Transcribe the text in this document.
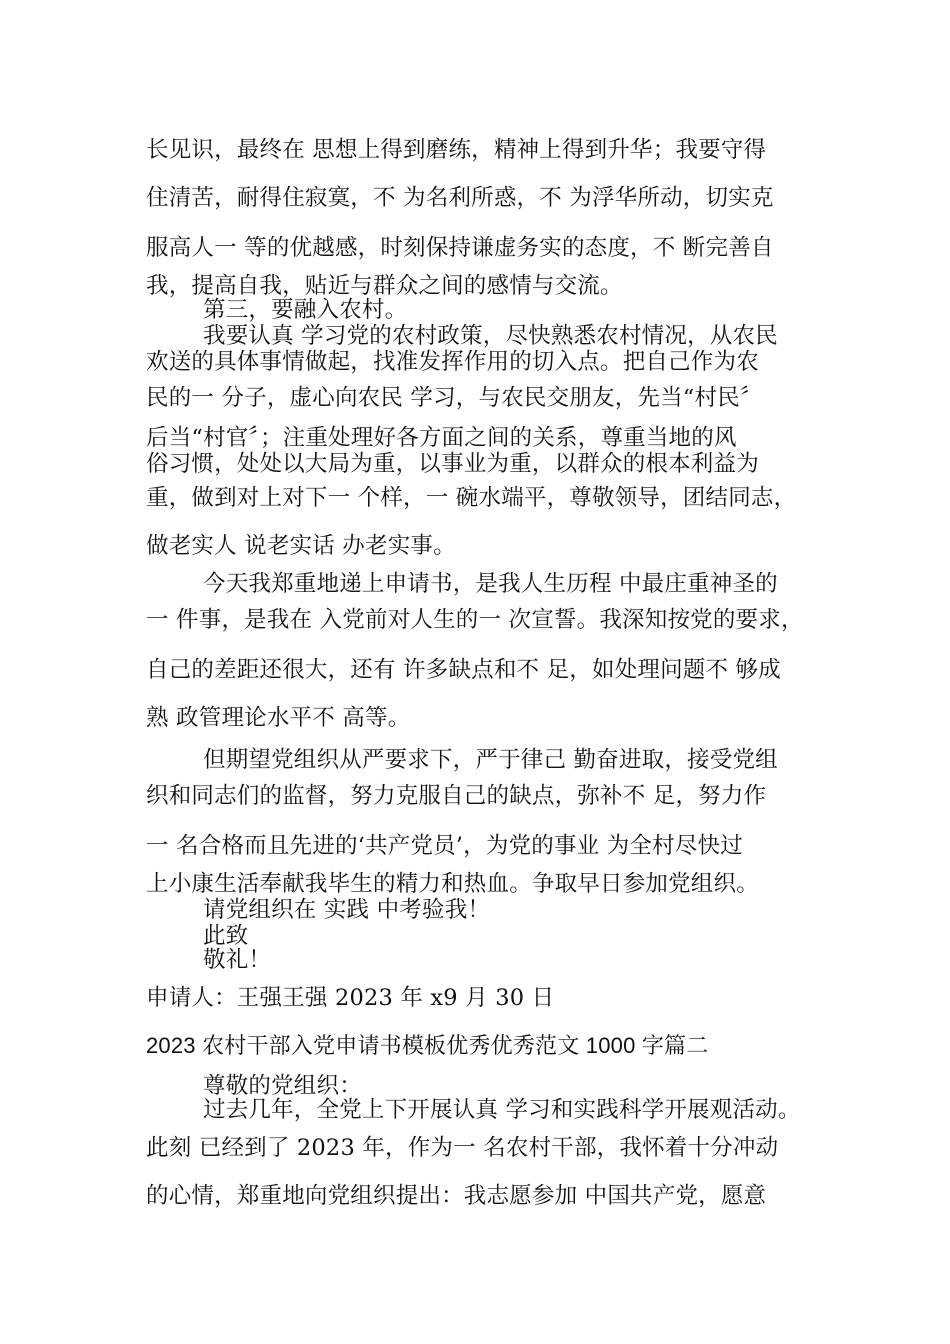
长见识，最终在 思想上得到磨练，精神上得到升华；我要守得
住清苦，耐得住寂寞，不 为名利所惑，不 为浮华所动，切实克
服高人一 等的优越感，时刻保持谦虚务实的态度，不 断完善自
我，提高自我，贴近与群众之间的感情与交流。
第三，要融入农村。
我要认真 学习党的农村政策，尽快熟悉农村情况，从农民
欢送的具体事情做起，找准发挥作用的切入点。把自己作为农
民的一 分子，虚心向农民 学习，与农民交朋友，先当“村民〞
后当“村官〞；注重处理好各方面之间的关系，尊重当地的风
俗习惯，处处以大局为重，以事业为重，以群众的根本利益为
重，做到对上对下一 个样，一 碗水端平，尊敬领导，团结同志，
做老实人 说老实话 办老实事。
今天我郑重地递上申请书，是我人生历程 中最庄重神圣的
一 件事，是我在 入党前对人生的一 次宣誓。我深知按党的要求，
自己的差距还很大，还有 许多缺点和不 足，如处理问题不 够成
熟 政管理论水平不 高等。
但期望党组织从严要求下，严于律己 勤奋进取，接受党组
织和同志们的监督，努力克服自己的缺点，弥补不 足，努力作
一 名合格而且先进的‘共产党员’，为党的事业 为全村尽快过
上小康生活奉献我毕生的精力和热血。争取早日参加党组织。
请党组织在 实践 中考验我！
此致
敬礼！
申请人：王强王强 2023 年 x9 月 30 日
2023 农村干部入党申请书模板优秀优秀范文 1000 字篇二
尊敬的党组织：
过去几年，全党上下开展认真 学习和实践科学开展观活动。
此刻 已经到了 2023 年，作为一 名农村干部，我怀着十分冲动
的心情，郑重地向党组织提出：我志愿参加 中国共产党，愿意
